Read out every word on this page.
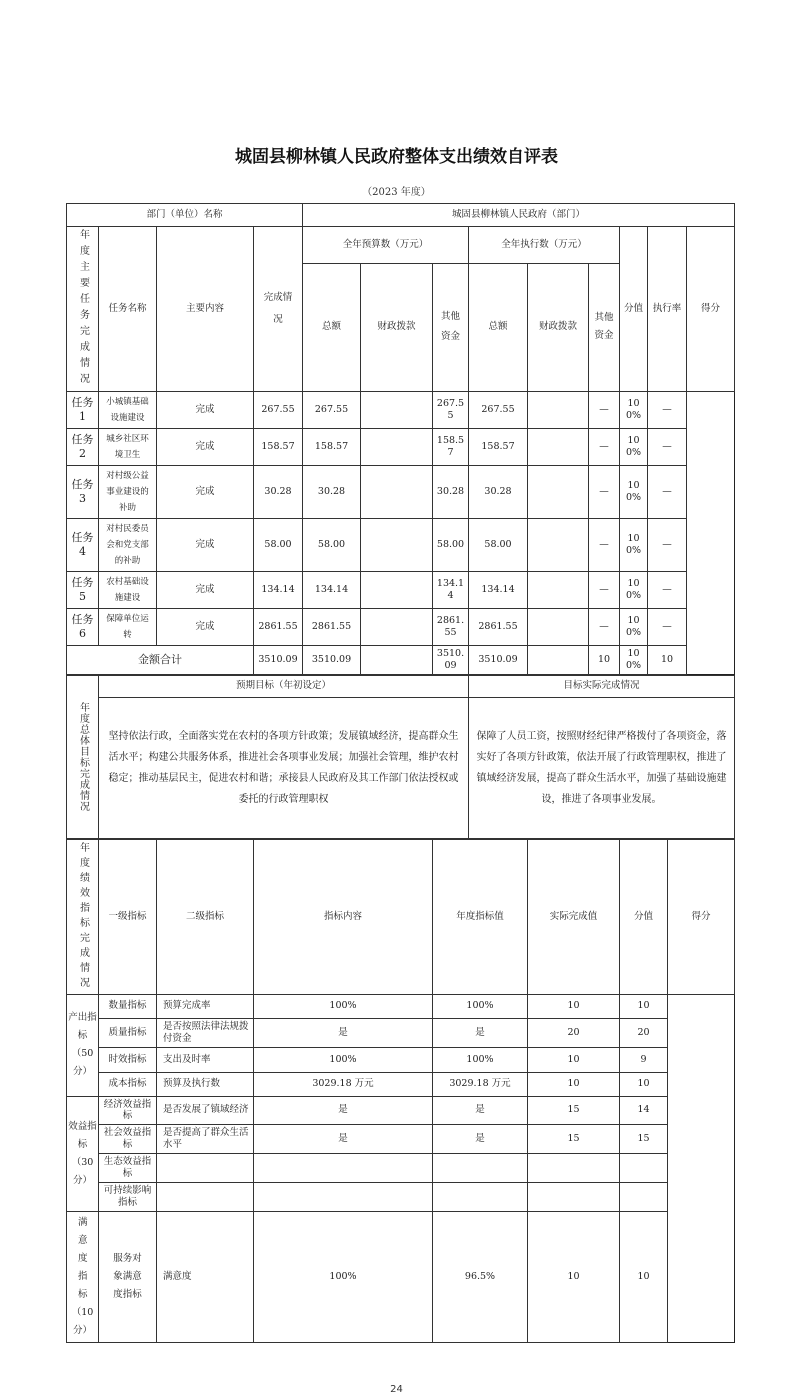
城固县柳林镇人民政府整体支出绩效自评表
（2023 年度）
部门（单位）名称				城固县柳林镇人民政府（部门）								

年度主要任务完成情况	任务名称	主要内容	完成情况	全年预算数（万元）			全年执行数（万元）			分值	执行率	得分
				总额	财政拨款	其他资金	总额	财政拨款	其他资金			
任务 1	小城镇基础设施建设	完成	267.55	267.55		267.55	267.55		—	100%	—	
任务 2	城乡社区环境卫生	完成	158.57	158.57		158.57	158.57		—	100%	—	
任务 3	对村级公益事业建设的补助	完成	30.28	30.28		30.28	30.28		—	100%	—	
任务 4	对村民委员会和党支部的补助	完成	58.00	58.00		58.00	58.00		—	100%	—	
任务 5	农村基础设施建设	完成	134.14	134.14		134.14	134.14		—	100%	—	
任务 6	保障单位运转	完成	2861.55	2861.55		2861.55	2861.55		—	100%	—	
金额合计			3510.09	3510.09		3510.09	3510.09		10	100%	10	
年度总体目标完成情况	预期目标（年初设定）	目标实际完成情况

	坚持依法行政，全面落实党在农村的各项方针政策；发展镇域经济，提高群众生活水平；构建公共服务体系，推进社会各项事业发展；加强社会管理，维护农村稳定；推动基层民主，促进农村和谐；承接县人民政府及其工作部门依法授权或委托的行政管理职权	保障了人员工资，按照财经纪律严格拨付了各项资金，落实好了各项方针政策，依法开展了行政管理职权，推进了镇域经济发展，提高了群众生活水平，加强了基础设施建设，推进了各项事业发展。
年度绩效指标完成情况	一级指标	二级指标	指标内容	年度指标值	实际完成值	分值	得分

产出指标
（50 分）	数量指标	预算完成率	100%	100%	10	10	
	质量指标	是否按照法律法规拨付资金	是	是	20	20	
	时效指标	支出及时率	100%	100%	10	9	
	成本指标	预算及执行数	3029.18 万元	3029.18 万元	10	10	

效益指标
（30 分）	经济效益指标	是否发展了镇域经济	是	是	15	14	
	社会效益指标	是否提高了群众生活水平	是	是	15	15	
	生态效益指标						
	可持续影响指标						

满意度指标
（10 分）	服务对象满意度指标	满意度	100%	96.5%	10	10	
24
